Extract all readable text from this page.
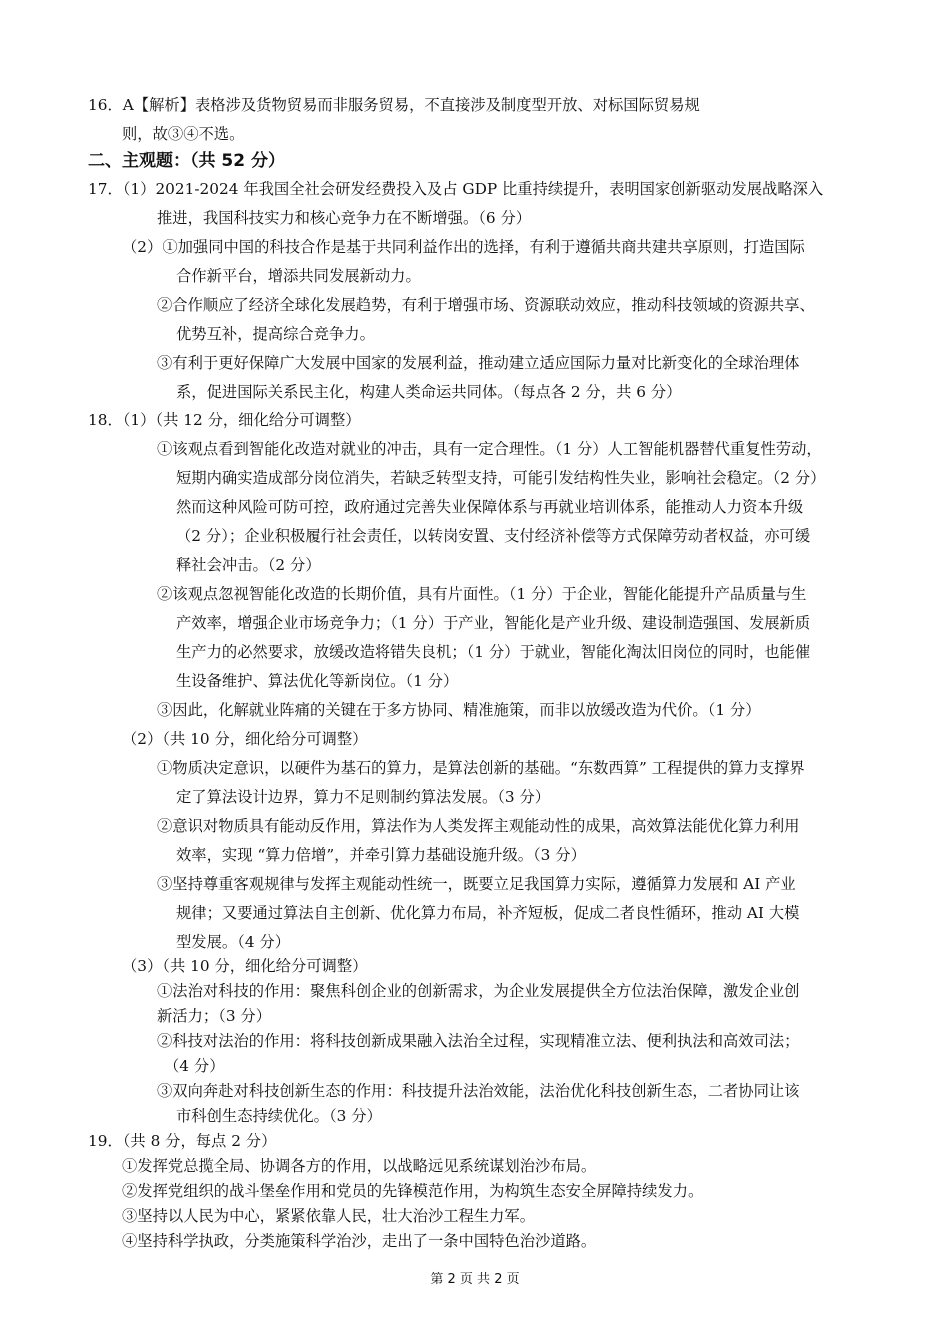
16．A【解析】表格涉及货物贸易而非服务贸易，不直接涉及制度型开放、对标国际贸易规
则，故③④不选。
二、主观题：（共 52 分）
17．（1）2021-2024 年我国全社会研发经费投入及占 GDP 比重持续提升，表明国家创新驱动发展战略深入
推进，我国科技实力和核心竞争力在不断增强。（6 分）
（2）①加强同中国的科技合作是基于共同利益作出的选择，有利于遵循共商共建共享原则，打造国际
合作新平台，增添共同发展新动力。
②合作顺应了经济全球化发展趋势，有利于增强市场、资源联动效应，推动科技领域的资源共享、
优势互补，提高综合竞争力。
③有利于更好保障广大发展中国家的发展利益，推动建立适应国际力量对比新变化的全球治理体
系，促进国际关系民主化，构建人类命运共同体。（每点各 2 分，共 6 分）
18．（1）（共 12 分，细化给分可调整）
①该观点看到智能化改造对就业的冲击，具有一定合理性。（1 分）人工智能机器替代重复性劳动，
短期内确实造成部分岗位消失，若缺乏转型支持，可能引发结构性失业，影响社会稳定。（2 分）
然而这种风险可防可控，政府通过完善失业保障体系与再就业培训体系，能推动人力资本升级
（2 分）；企业积极履行社会责任，以转岗安置、支付经济补偿等方式保障劳动者权益，亦可缓
释社会冲击。（2 分）
②该观点忽视智能化改造的长期价值，具有片面性。（1 分）于企业，智能化能提升产品质量与生
产效率，增强企业市场竞争力；（1 分）于产业，智能化是产业升级、建设制造强国、发展新质
生产力的必然要求，放缓改造将错失良机；（1 分）于就业，智能化淘汰旧岗位的同时，也能催
生设备维护、算法优化等新岗位。（1 分）
③因此，化解就业阵痛的关键在于多方协同、精准施策，而非以放缓改造为代价。（1 分）
（2）（共 10 分，细化给分可调整）
①物质决定意识，以硬件为基石的算力，是算法创新的基础。“东数西算” 工程提供的算力支撑界
定了算法设计边界，算力不足则制约算法发展。（3 分）
②意识对物质具有能动反作用，算法作为人类发挥主观能动性的成果，高效算法能优化算力利用
效率，实现 “算力倍增”，并牵引算力基础设施升级。（3 分）
③坚持尊重客观规律与发挥主观能动性统一，既要立足我国算力实际，遵循算力发展和 AI 产业
规律；又要通过算法自主创新、优化算力布局，补齐短板，促成二者良性循环，推动 AI 大模
型发展。（4 分）
（3）（共 10 分，细化给分可调整）
①法治对科技的作用：聚焦科创企业的创新需求，为企业发展提供全方位法治保障，激发企业创
新活力；（3 分）
②科技对法治的作用：将科技创新成果融入法治全过程，实现精准立法、便利执法和高效司法；
（4 分）
③双向奔赴对科技创新生态的作用：科技提升法治效能，法治优化科技创新生态，二者协同让该
市科创生态持续优化。（3 分）
19．（共 8 分，每点 2 分）
①发挥党总揽全局、协调各方的作用，以战略远见系统谋划治沙布局。
②发挥党组织的战斗堡垒作用和党员的先锋模范作用，为构筑生态安全屏障持续发力。
③坚持以人民为中心，紧紧依靠人民，壮大治沙工程生力军。
④坚持科学执政，分类施策科学治沙，走出了一条中国特色治沙道路。
第 2 页 共 2 页
